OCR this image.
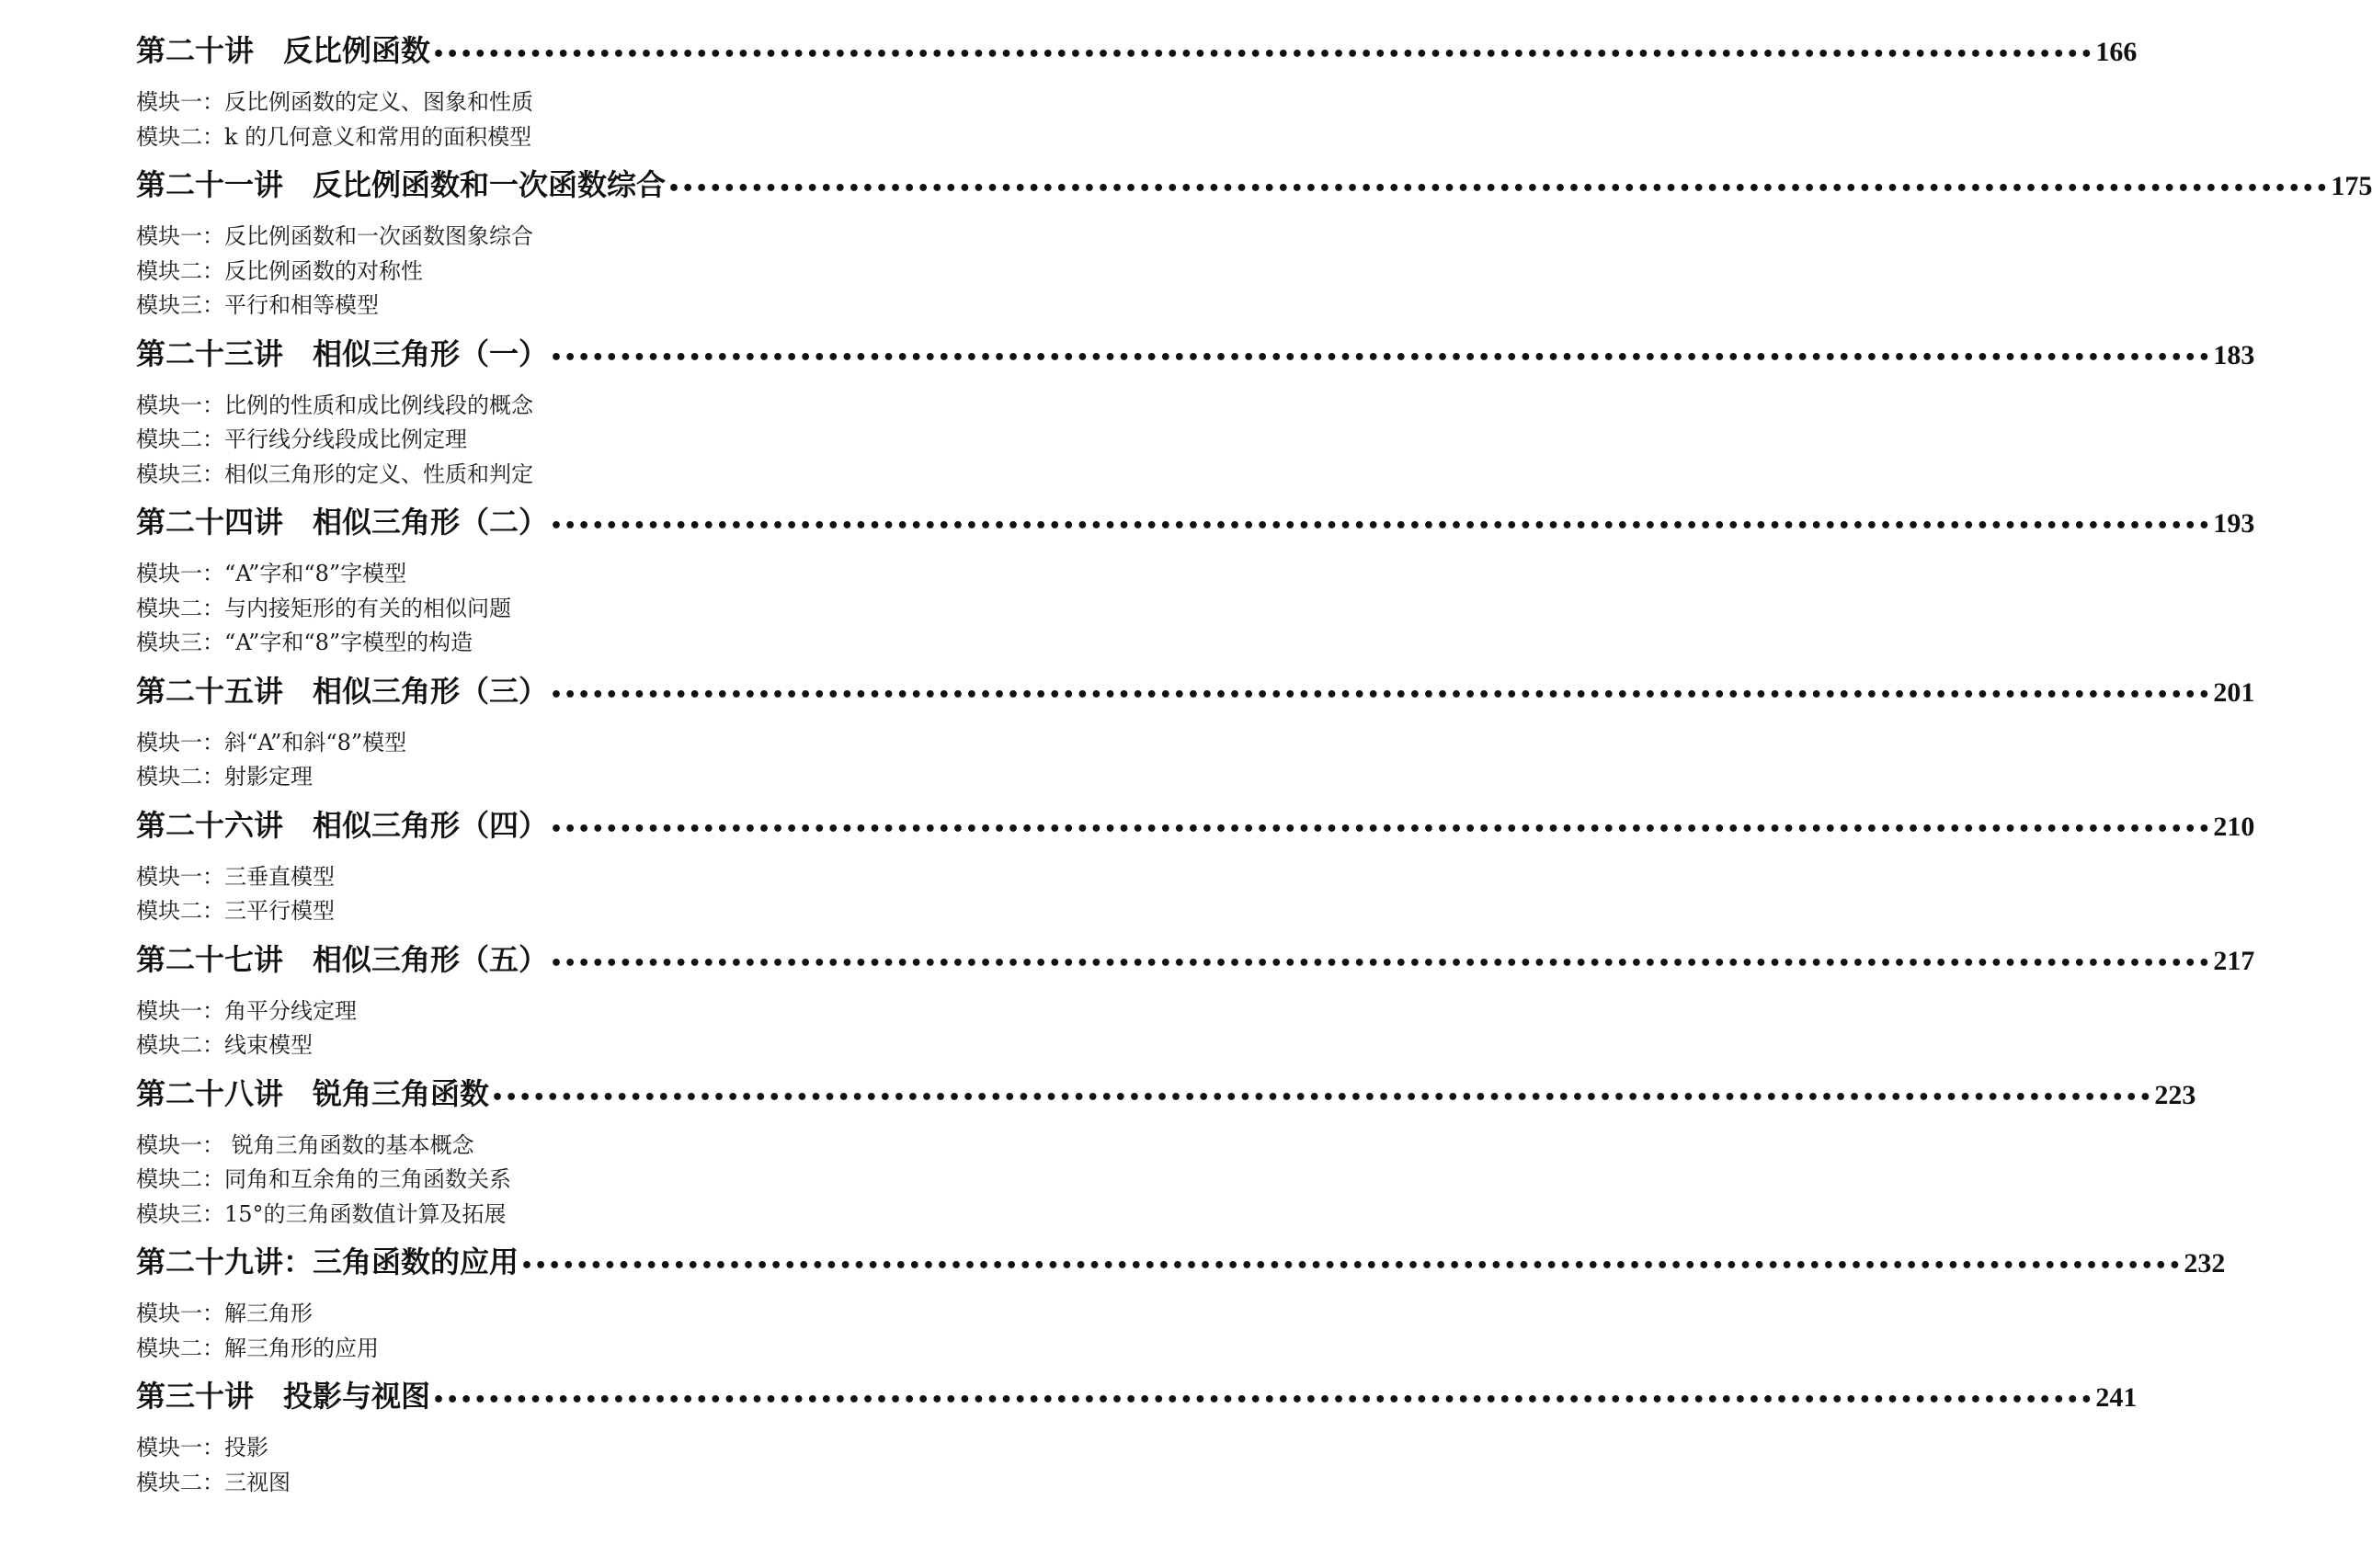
第二十讲 反比例函数 •••••••••••••••••••••••••••••••••••••••••••••••••••••••••••••••••••••••••••••••••••••••••••••••••••••••••••••••••••••••• 166
模块一：反比例函数的定义、图象和性质
模块二：k 的几何意义和常用的面积模型
第二十一讲 反比例函数和一次函数综合 •••••••••••••••••••••••••••••••••••••••••••••••••••••••••••••••••••••••••••••••••••••••••••••••••••••••••••••••••••••••• 175
模块一：反比例函数和一次函数图象综合
模块二：反比例函数的对称性
模块三：平行和相等模型
第二十三讲 相似三角形（一） •••••••••••••••••••••••••••••••••••••••••••••••••••••••••••••••••••••••••••••••••••••••••••••••••••••••••••••••••••••••• 183
模块一：比例的性质和成比例线段的概念
模块二：平行线分线段成比例定理
模块三：相似三角形的定义、性质和判定
第二十四讲 相似三角形（二） •••••••••••••••••••••••••••••••••••••••••••••••••••••••••••••••••••••••••••••••••••••••••••••••••••••••••••••••••••••••• 193
模块一：“A”字和“8”字模型
模块二：与内接矩形的有关的相似问题
模块三：“A”字和“8”字模型的构造
第二十五讲 相似三角形（三） •••••••••••••••••••••••••••••••••••••••••••••••••••••••••••••••••••••••••••••••••••••••••••••••••••••••••••••••••••••••• 201
模块一：斜“A”和斜“8”模型
模块二：射影定理
第二十六讲 相似三角形（四） •••••••••••••••••••••••••••••••••••••••••••••••••••••••••••••••••••••••••••••••••••••••••••••••••••••••••••••••••••••••• 210
模块一：三垂直模型
模块二：三平行模型
第二十七讲 相似三角形（五） •••••••••••••••••••••••••••••••••••••••••••••••••••••••••••••••••••••••••••••••••••••••••••••••••••••••••••••••••••••••• 217
模块一：角平分线定理
模块二：线束模型
第二十八讲 锐角三角函数 •••••••••••••••••••••••••••••••••••••••••••••••••••••••••••••••••••••••••••••••••••••••••••••••••••••••••••••••••••••••• 223
模块一： 锐角三角函数的基本概念
模块二：同角和互余角的三角函数关系
模块三：15°的三角函数值计算及拓展
第二十九讲： 三角函数的应用 •••••••••••••••••••••••••••••••••••••••••••••••••••••••••••••••••••••••••••••••••••••••••••••••••••••••••••••••••••••••• 232
模块一：解三角形
模块二：解三角形的应用
第三十讲 投影与视图 •••••••••••••••••••••••••••••••••••••••••••••••••••••••••••••••••••••••••••••••••••••••••••••••••••••••••••••••••••••••• 241
模块一：投影
模块二：三视图
